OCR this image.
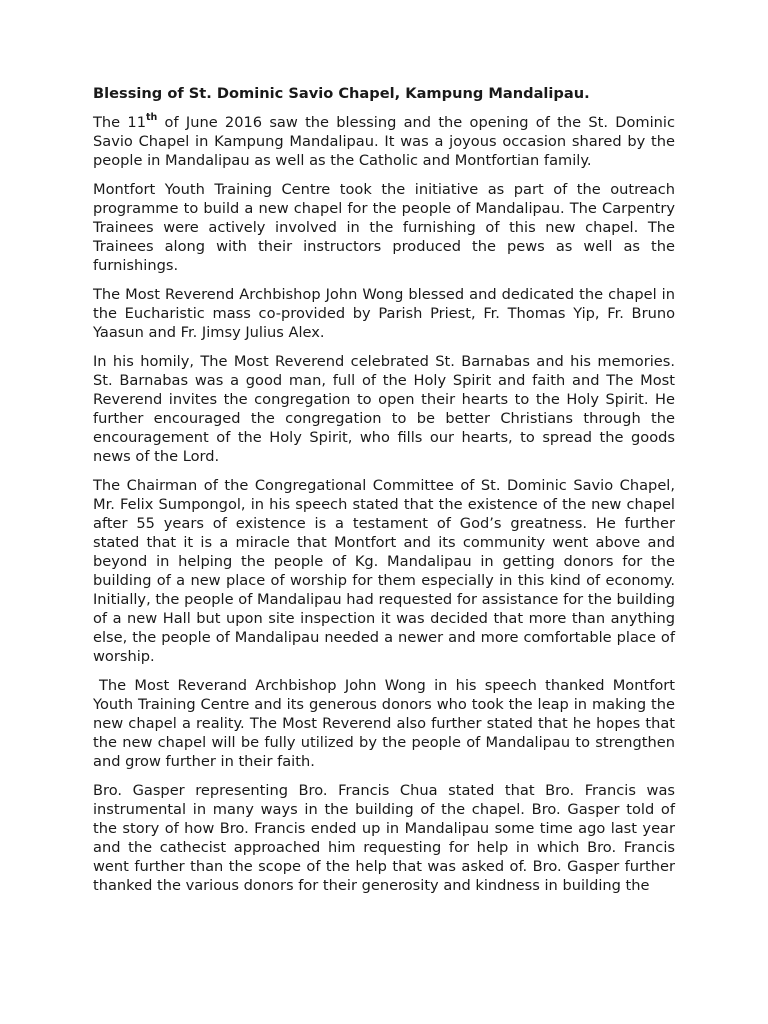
Blessing of St. Dominic Savio Chapel, Kampung Mandalipau.

The 11th of June 2016 saw the blessing and the opening of the St. Dominic Savio Chapel in Kampung Mandalipau. It was a joyous occasion shared by the people in Mandalipau as well as the Catholic and Montfortian family.

Montfort Youth Training Centre took the initiative as part of the outreach programme to build a new chapel for the people of Mandalipau. The Carpentry Trainees were actively involved in the furnishing of this new chapel. The Trainees along with their instructors produced the pews as well as the furnishings.

The Most Reverend Archbishop John Wong blessed and dedicated the chapel in the Eucharistic mass co-provided by Parish Priest, Fr. Thomas Yip, Fr. Bruno Yaasun and Fr. Jimsy Julius Alex.

In his homily, The Most Reverend celebrated St. Barnabas and his memories. St. Barnabas was a good man, full of the Holy Spirit and faith and The Most Reverend invites the congregation to open their hearts to the Holy Spirit. He further encouraged the congregation to be better Christians through the encouragement of the Holy Spirit, who fills our hearts, to spread the goods news of the Lord.

The Chairman of the Congregational Committee of St. Dominic Savio Chapel, Mr. Felix Sumpongol, in his speech stated that the existence of the new chapel after 55 years of existence is a testament of God’s greatness. He further stated that it is a miracle that Montfort and its community went above and beyond in helping the people of Kg. Mandalipau in getting donors for the building of a new place of worship for them especially in this kind of economy. Initially, the people of Mandalipau had requested for assistance for the building of a new Hall but upon site inspection it was decided that more than anything else, the people of Mandalipau needed a newer and more comfortable place of worship.

The Most Reverand Archbishop John Wong in his speech thanked Montfort Youth Training Centre and its generous donors who took the leap in making the new chapel a reality. The Most Reverend also further stated that he hopes that the new chapel will be fully utilized by the people of Mandalipau to strengthen and grow further in their faith.

Bro. Gasper representing Bro. Francis Chua stated that Bro. Francis was instrumental in many ways in the building of the chapel. Bro. Gasper told of the story of how Bro. Francis ended up in Mandalipau some time ago last year and the cathecist approached him requesting for help in which Bro. Francis went further than the scope of the help that was asked of. Bro. Gasper further thanked the various donors for their generosity and kindness in building the
